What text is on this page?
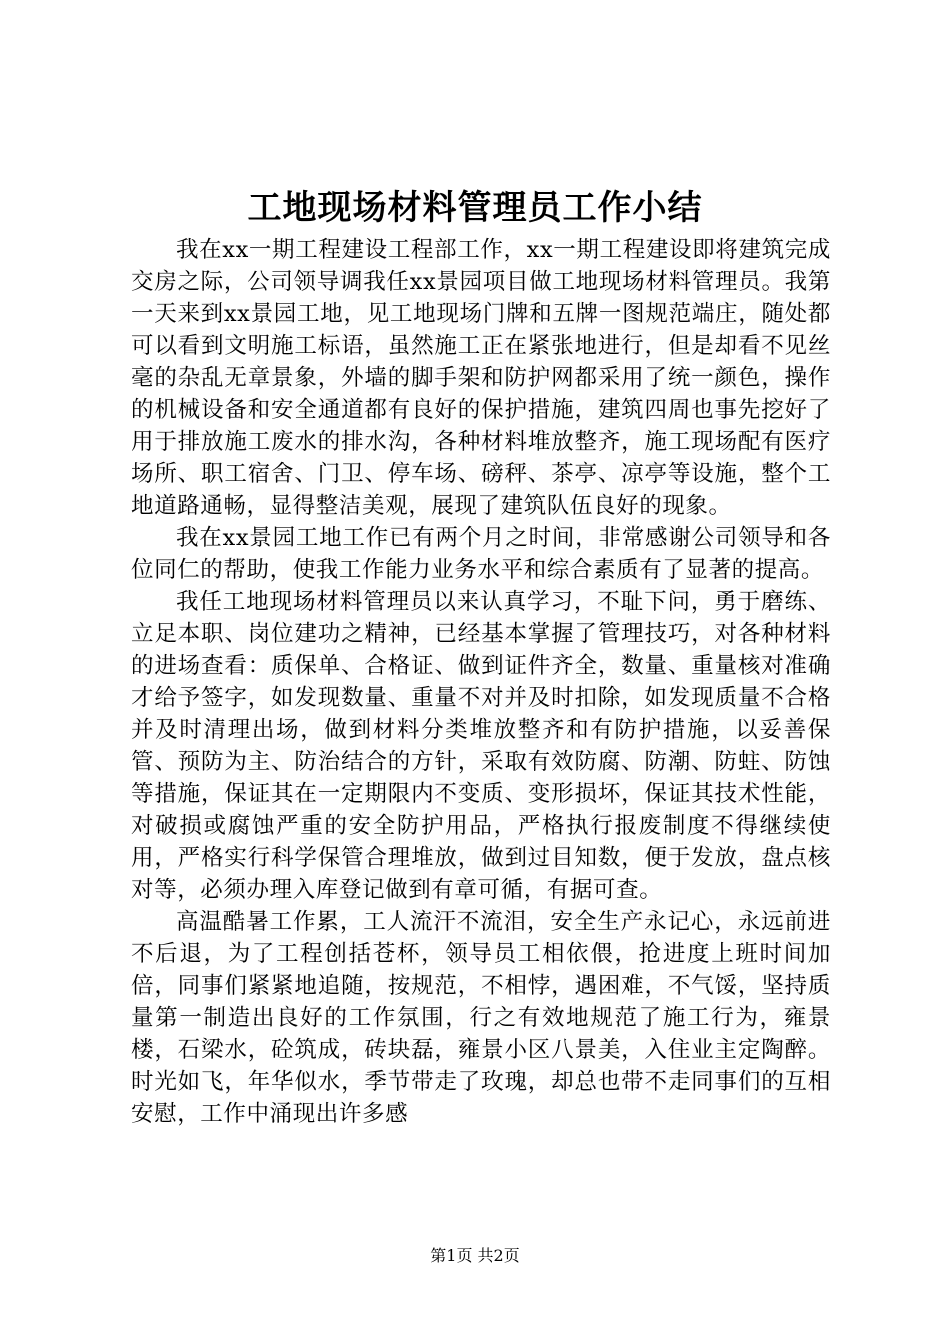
工地现场材料管理员工作小结

我在xx一期工程建设工程部工作，xx一期工程建设即将建筑完成交房之际，公司领导调我任xx景园项目做工地现场材料管理员。我第一天来到xx景园工地，见工地现场门牌和五牌一图规范端庄，随处都可以看到文明施工标语，虽然施工正在紧张地进行，但是却看不见丝毫的杂乱无章景象，外墙的脚手架和防护网都采用了统一颜色，操作的机械设备和安全通道都有良好的保护措施，建筑四周也事先挖好了用于排放施工废水的排水沟，各种材料堆放整齐，施工现场配有医疗场所、职工宿舍、门卫、停车场、磅秤、茶亭、凉亭等设施，整个工地道路通畅，显得整洁美观，展现了建筑队伍良好的现象。

我在xx景园工地工作已有两个月之时间，非常感谢公司领导和各位同仁的帮助，使我工作能力业务水平和综合素质有了显著的提高。

我任工地现场材料管理员以来认真学习，不耻下问，勇于磨练、立足本职、岗位建功之精神，已经基本掌握了管理技巧，对各种材料的进场查看：质保单、合格证、做到证件齐全，数量、重量核对准确才给予签字，如发现数量、重量不对并及时扣除，如发现质量不合格并及时清理出场，做到材料分类堆放整齐和有防护措施，以妥善保管、预防为主、防治结合的方针，采取有效防腐、防潮、防蛀、防蚀等措施，保证其在一定期限内不变质、变形损坏，保证其技术性能，对破损或腐蚀严重的安全防护用品，严格执行报废制度不得继续使用，严格实行科学保管合理堆放，做到过目知数，便于发放，盘点核对等，必须办理入库登记做到有章可循，有据可查。

高温酷暑工作累，工人流汗不流泪，安全生产永记心，永远前进不后退，为了工程创括苍杯，领导员工相依偎，抢进度上班时间加倍，同事们紧紧地追随，按规范，不相悖，遇困难，不气馁，坚持质量第一制造出良好的工作氛围，行之有效地规范了施工行为，雍景楼，石梁水，砼筑成，砖块磊，雍景小区八景美，入住业主定陶醉。时光如飞，年华似水，季节带走了玫瑰，却总也带不走同事们的互相安慰，工作中涌现出许多感

第1页 共2页
